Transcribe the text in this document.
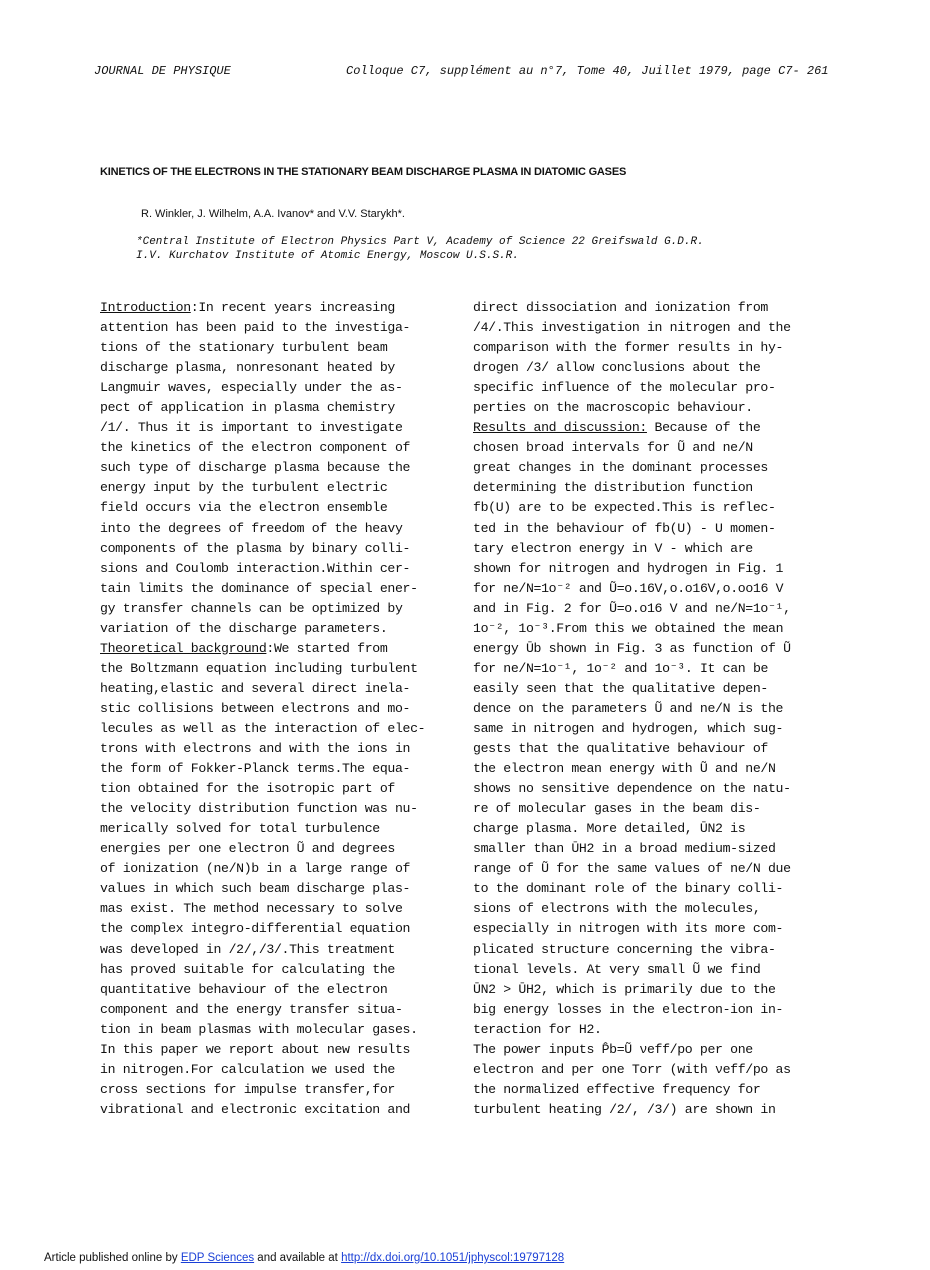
JOURNAL DE PHYSIQUE	Colloque C7, supplément au n°7, Tome 40, Juillet 1979, page C7- 261
KINETICS OF THE ELECTRONS IN THE STATIONARY BEAM DISCHARGE PLASMA IN DIATOMIC GASES
R. Winkler, J. Wilhelm, A.A. Ivanov* and V.V. Starykh*.
*Central Institute of Electron Physics Part V, Academy of Science 22 Greifswald G.D.R.
I.V. Kurchatov Institute of Atomic Energy, Moscow U.S.S.R.
Introduction:In recent years increasing
attention has been paid to the investiga-
tions of the stationary turbulent beam
discharge plasma, nonresonant heated by
Langmuir waves, especially under the as-
pect of application in plasma chemistry
/1/. Thus it is important to investigate
the kinetics of the electron component of
such type of discharge plasma because the
energy input by the turbulent electric
field occurs via the electron ensemble
into the degrees of freedom of the heavy
components of the plasma by binary colli-
sions and Coulomb interaction.Within cer-
tain limits the dominance of special ener-
gy transfer channels can be optimized by
variation of the discharge parameters.
Theoretical background:We started from
the Boltzmann equation including turbulent
heating,elastic and several direct inela-
stic collisions between electrons and mo-
lecules as well as the interaction of elec-
trons with electrons and with the ions in
the form of Fokker-Planck terms.The equa-
tion obtained for the isotropic part of
the velocity distribution function was nu-
merically solved for total turbulence
energies per one electron Ũ and degrees
of ionization (ne/N)b in a large range of
values in which such beam discharge plas-
mas exist. The method necessary to solve
the complex integro-differential equation
was developed in /2/,/3/.This treatment
has proved suitable for calculating the
quantitative behaviour of the electron
component and the energy transfer situa-
tion in beam plasmas with molecular gases.
In this paper we report about new results
in nitrogen.For calculation we used the
cross sections for impulse transfer,for
vibrational and electronic excitation and
direct dissociation and ionization from
/4/.This investigation in nitrogen and the
comparison with the former results in hy-
drogen /3/ allow conclusions about the
specific influence of the molecular pro-
perties on the macroscopic behaviour.
Results and discussion: Because of the
chosen broad intervals for Ũ and ne/N
great changes in the dominant processes
determining the distribution function
fb(U) are to be expected.This is reflec-
ted in the behaviour of fb(U) - U momen-
tary electron energy in V - which are
shown for nitrogen and hydrogen in Fig. 1
for ne/N=1o⁻² and Ũ=o.16V,o.o16V,o.oo16 V
and in Fig. 2 for Ũ=o.o16 V and ne/N=1o⁻¹,
1o⁻², 1o⁻³.From this we obtained the mean
energy Ūb shown in Fig. 3 as function of Ũ
for ne/N=1o⁻¹, 1o⁻² and 1o⁻³. It can be
easily seen that the qualitative depen-
dence on the parameters Ũ and ne/N is the
same in nitrogen and hydrogen, which sug-
gests that the qualitative behaviour of
the electron mean energy with Ũ and ne/N
shows no sensitive dependence on the natu-
re of molecular gases in the beam dis-
charge plasma. More detailed, ŪN2 is
smaller than ŪH2 in a broad medium-sized
range of Ũ for the same values of ne/N due
to the dominant role of the binary colli-
sions of electrons with the molecules,
especially in nitrogen with its more com-
plicated structure concerning the vibra-
tional levels. At very small Ũ we find
ŪN2 > ŪH2, which is primarily due to the
big energy losses in the electron-ion in-
teraction for H2.
The power inputs P̂b=Ũ νeff/po per one
electron and per one Torr (with νeff/po as
the normalized effective frequency for
turbulent heating /2/, /3/) are shown in
Article published online by EDP Sciences and available at http://dx.doi.org/10.1051/jphyscol:19797128
